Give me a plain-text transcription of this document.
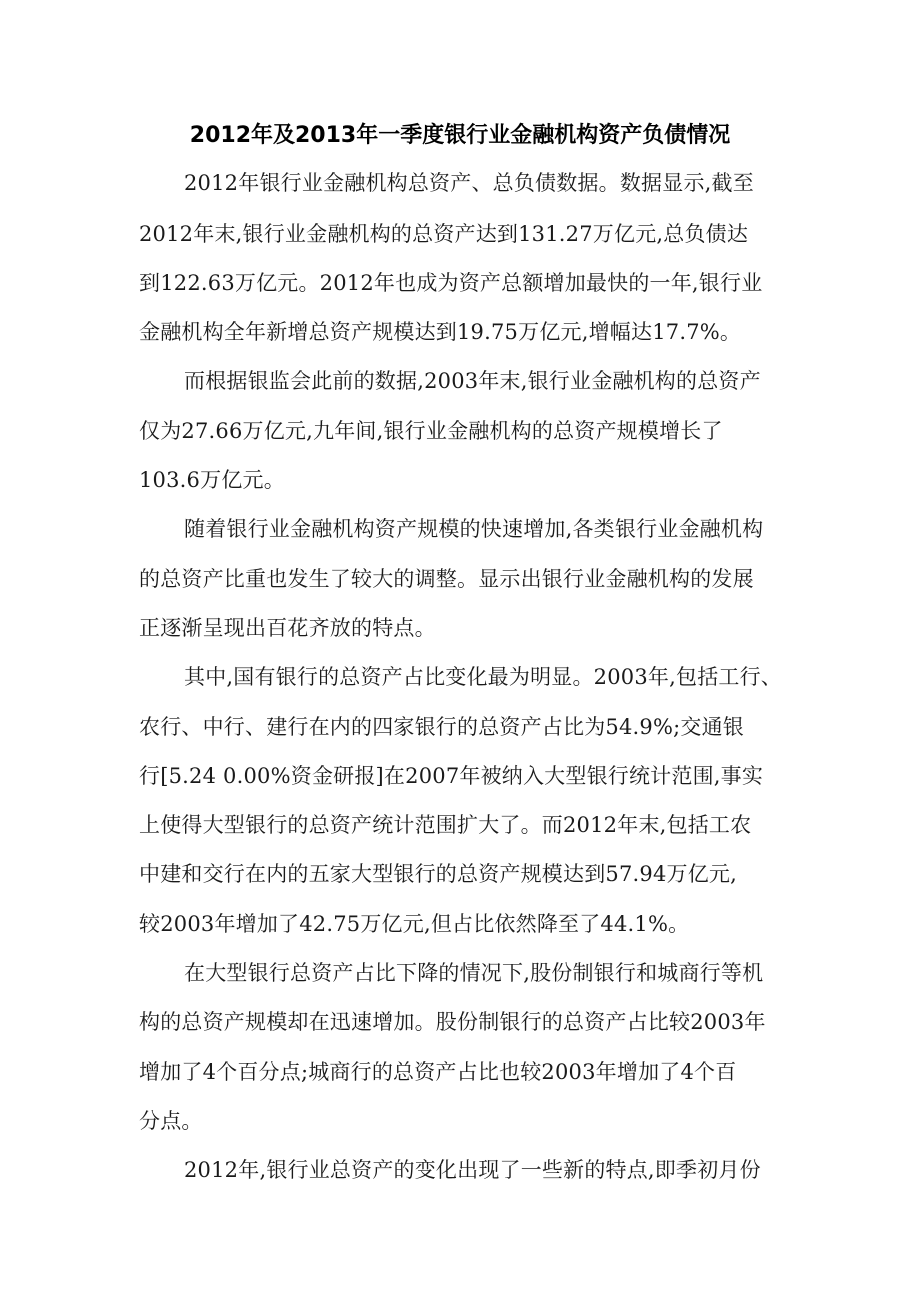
2012年及2013年一季度银行业金融机构资产负债情况
2012年银行业金融机构总资产、总负债数据。数据显示,截至
2012年末,银行业金融机构的总资产达到131.27万亿元,总负债达
到122.63万亿元。2012年也成为资产总额增加最快的一年,银行业
金融机构全年新增总资产规模达到19.75万亿元,增幅达17.7%。
而根据银监会此前的数据,2003年末,银行业金融机构的总资产
仅为27.66万亿元,九年间,银行业金融机构的总资产规模增长了
103.6万亿元。
随着银行业金融机构资产规模的快速增加,各类银行业金融机构
的总资产比重也发生了较大的调整。显示出银行业金融机构的发展
正逐渐呈现出百花齐放的特点。
其中,国有银行的总资产占比变化最为明显。2003年,包括工行、
农行、中行、建行在内的四家银行的总资产占比为54.9%;交通银
行[5.24 0.00%资金研报]在2007年被纳入大型银行统计范围,事实
上使得大型银行的总资产统计范围扩大了。而2012年末,包括工农
中建和交行在内的五家大型银行的总资产规模达到57.94万亿元,
较2003年增加了42.75万亿元,但占比依然降至了44.1%。
在大型银行总资产占比下降的情况下,股份制银行和城商行等机
构的总资产规模却在迅速增加。股份制银行的总资产占比较2003年
增加了4个百分点;城商行的总资产占比也较2003年增加了4个百
分点。
2012年,银行业总资产的变化出现了一些新的特点,即季初月份
